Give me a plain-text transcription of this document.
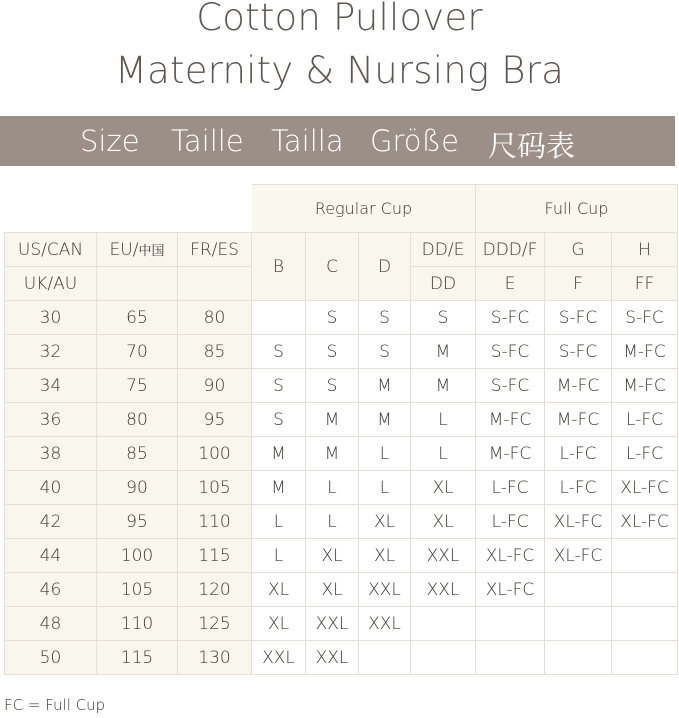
Cotton Pullover
Maternity & Nursing Bra
Size Taille Tailla Größe 尺码表
			Regular Cup				Full Cup		
US/CAN	EU/中国	FR/ES	B	C	D	DD/E	DDD/F	G	H
UK/AU						DD	E	F	FF
30	65	80		S	S	S	S-FC	S-FC	S-FC
32	70	85	S	S	S	M	S-FC	S-FC	M-FC
34	75	90	S	S	M	M	S-FC	M-FC	M-FC
36	80	95	S	M	M	L	M-FC	M-FC	L-FC
38	85	100	M	M	L	L	M-FC	L-FC	L-FC
40	90	105	M	L	L	XL	L-FC	L-FC	XL-FC
42	95	110	L	L	XL	XL	L-FC	XL-FC	XL-FC
44	100	115	L	XL	XL	XXL	XL-FC	XL-FC	
46	105	120	XL	XL	XXL	XXL	XL-FC		
48	110	125	XL	XXL	XXL				
50	115	130	XXL	XXL					
FC = Full Cup
